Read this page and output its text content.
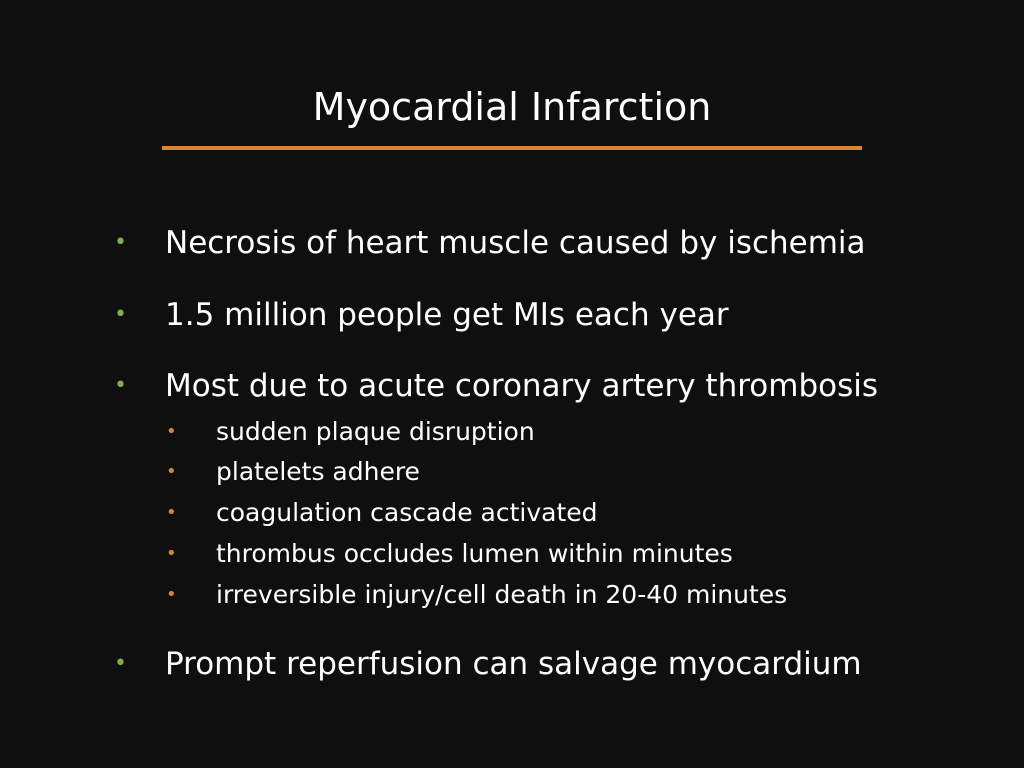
Myocardial Infarction
• Necrosis of heart muscle caused by ischemia
• 1.5 million people get MIs each year
• Most due to acute coronary artery thrombosis
• sudden plaque disruption
• platelets adhere
• coagulation cascade activated
• thrombus occludes lumen within minutes
• irreversible injury/cell death in 20-40 minutes
• Prompt reperfusion can salvage myocardium
